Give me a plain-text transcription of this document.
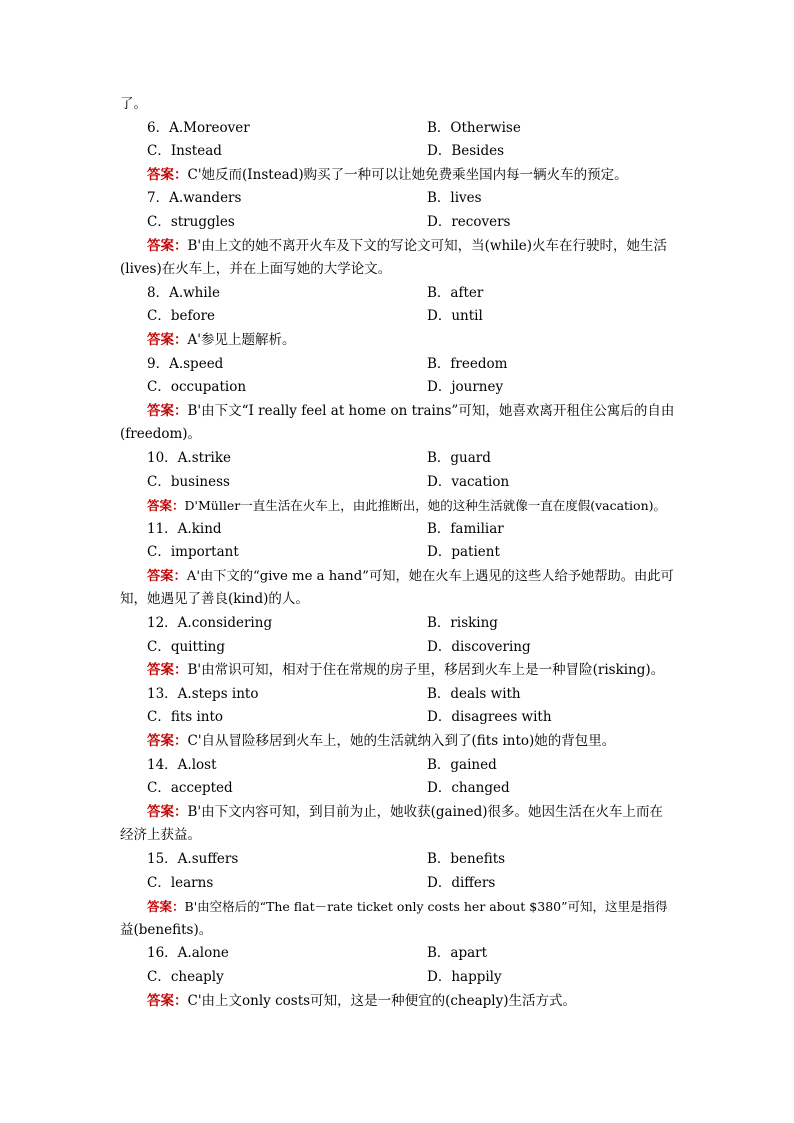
了。
6．A.Moreover	B．Otherwise
C．Instead	D．Besides
答案：C'她反而(Instead)购买了一种可以让她免费乘坐国内每一辆火车的预定。
7．A.wanders	B．lives
C．struggles	D．recovers
答案：B'由上文的她不离开火车及下文的写论文可知，当(while)火车在行驶时，她生活
(lives)在火车上，并在上面写她的大学论文。
8．A.while	B．after
C．before	D．until
答案：A'参见上题解析。
9．A.speed	B．freedom
C．occupation	D．journey
答案：B'由下文“I really feel at home on trains”可知，她喜欢离开租住公寓后的自由
(freedom)。
10．A.strike	B．guard
C．business	D．vacation
答案：D'Müller一直生活在火车上，由此推断出，她的这种生活就像一直在度假(vacation)。
11．A.kind	B．familiar
C．important	D．patient
答案：A'由下文的“give me a hand”可知，她在火车上遇见的这些人给予她帮助。由此可
知，她遇见了善良(kind)的人。
12．A.considering	B．risking
C．quitting	D．discovering
答案：B'由常识可知，相对于住在常规的房子里，移居到火车上是一种冒险(risking)。
13．A.steps into	B．deals with
C．fits into	D．disagrees with
答案：C'自从冒险移居到火车上，她的生活就纳入到了(fits into)她的背包里。
14．A.lost	B．gained
C．accepted	D．changed
答案：B'由下文内容可知，到目前为止，她收获(gained)很多。她因生活在火车上而在
经济上获益。
15．A.suffers	B．benefits
C．learns	D．differs
答案：B'由空格后的“The flat－rate ticket only costs her about $380”可知，这里是指得
益(benefits)。
16．A.alone	B．apart
C．cheaply	D．happily
答案：C'由上文only costs可知，这是一种便宜的(cheaply)生活方式。
